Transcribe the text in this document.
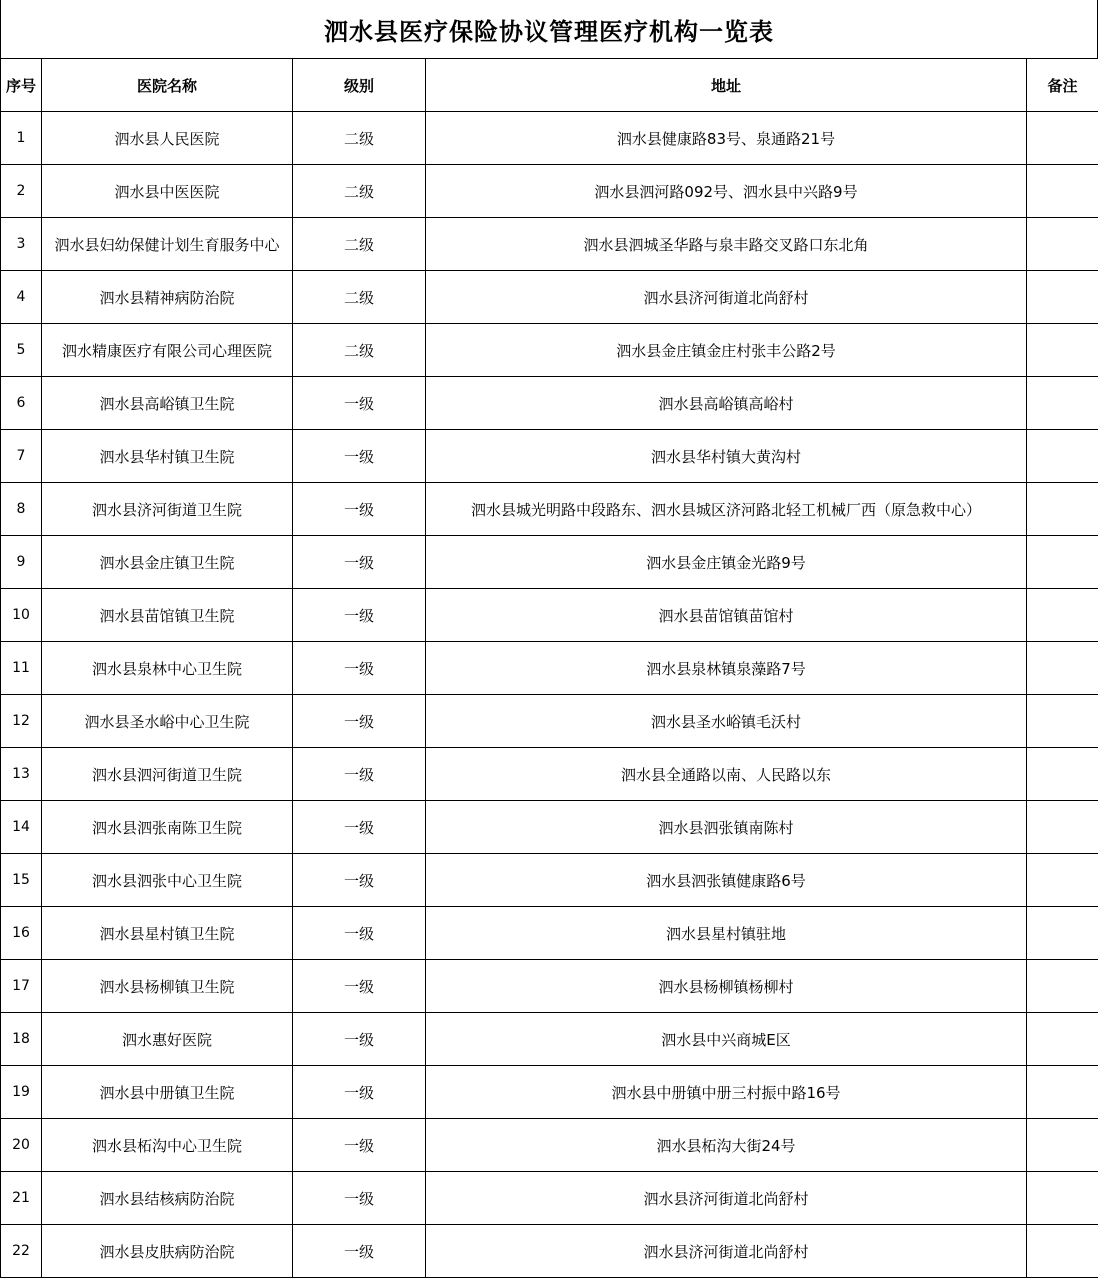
泗水县医疗保险协议管理医疗机构一览表
序号	医院名称	级别	地址	备注
1	泗水县人民医院	二级	泗水县健康路83号、泉通路21号	
2	泗水县中医医院	二级	泗水县泗河路092号、泗水县中兴路9号	
3	泗水县妇幼保健计划生育服务中心	二级	泗水县泗城圣华路与泉丰路交叉路口东北角	
4	泗水县精神病防治院	二级	泗水县济河街道北尚舒村	
5	泗水精康医疗有限公司心理医院	二级	泗水县金庄镇金庄村张丰公路2号	
6	泗水县高峪镇卫生院	一级	泗水县高峪镇高峪村	
7	泗水县华村镇卫生院	一级	泗水县华村镇大黄沟村	
8	泗水县济河街道卫生院	一级	泗水县城光明路中段路东、泗水县城区济河路北轻工机械厂西（原急救中心）	
9	泗水县金庄镇卫生院	一级	泗水县金庄镇金光路9号	
10	泗水县苗馆镇卫生院	一级	泗水县苗馆镇苗馆村	
11	泗水县泉林中心卫生院	一级	泗水县泉林镇泉藻路7号	
12	泗水县圣水峪中心卫生院	一级	泗水县圣水峪镇毛沃村	
13	泗水县泗河街道卫生院	一级	泗水县全通路以南、人民路以东	
14	泗水县泗张南陈卫生院	一级	泗水县泗张镇南陈村	
15	泗水县泗张中心卫生院	一级	泗水县泗张镇健康路6号	
16	泗水县星村镇卫生院	一级	泗水县星村镇驻地	
17	泗水县杨柳镇卫生院	一级	泗水县杨柳镇杨柳村	
18	泗水惠好医院	一级	泗水县中兴商城E区	
19	泗水县中册镇卫生院	一级	泗水县中册镇中册三村振中路16号	
20	泗水县柘沟中心卫生院	一级	泗水县柘沟大街24号	
21	泗水县结核病防治院	一级	泗水县济河街道北尚舒村	
22	泗水县皮肤病防治院	一级	泗水县济河街道北尚舒村	
